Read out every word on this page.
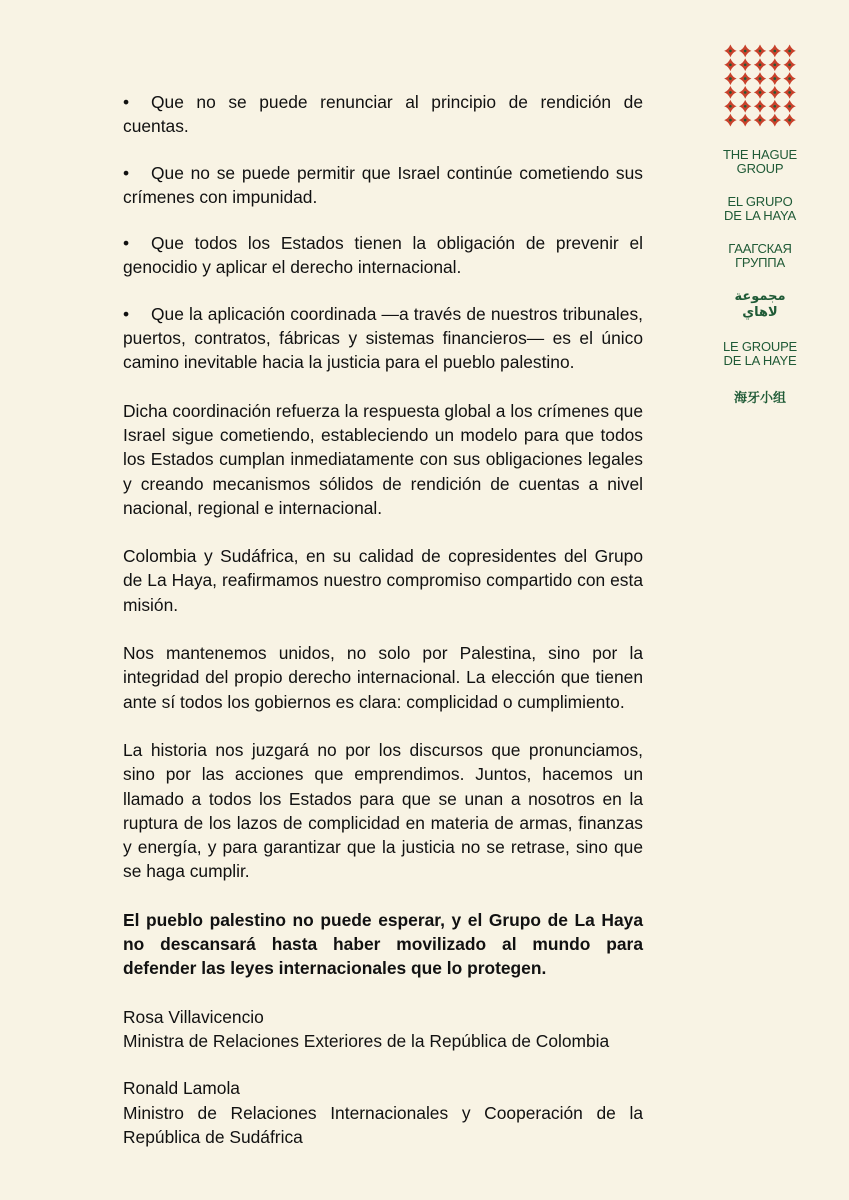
• Que no se puede renunciar al principio de rendición de cuentas.

• Que no se puede permitir que Israel continúe cometiendo sus crímenes con impunidad.

• Que todos los Estados tienen la obligación de prevenir el genocidio y aplicar el derecho internacional.

• Que la aplicación coordinada —a través de nuestros tribunales, puertos, contratos, fábricas y sistemas financieros— es el único camino inevitable hacia la justicia para el pueblo palestino.

Dicha coordinación refuerza la respuesta global a los crímenes que Israel sigue cometiendo, estableciendo un modelo para que todos los Estados cumplan inmediatamente con sus obligaciones legales y creando mecanismos sólidos de rendición de cuentas a nivel nacional, regional e internacional.

Colombia y Sudáfrica, en su calidad de copresidentes del Grupo de La Haya, reafirmamos nuestro compromiso compartido con esta misión.

Nos mantenemos unidos, no solo por Palestina, sino por la integridad del propio derecho internacional. La elección que tienen ante sí todos los gobiernos es clara: complicidad o cumplimiento.

La historia nos juzgará no por los discursos que pronunciamos, sino por las acciones que emprendimos. Juntos, hacemos un llamado a todos los Estados para que se unan a nosotros en la ruptura de los lazos de complicidad en materia de armas, finanzas y energía, y para garantizar que la justicia no se retrase, sino que se haga cumplir.

El pueblo palestino no puede esperar, y el Grupo de La Haya no descansará hasta haber movilizado al mundo para defender las leyes internacionales que lo protegen.

Rosa Villavicencio
Ministra de Relaciones Exteriores de la República de Colombia
Ronald Lamola
Ministro de Relaciones Internacionales y Cooperación de la República de Sudáfrica
THE HAGUE
GROUP
EL GRUPO
DE LA HAYA
ГААГСКАЯ
ГРУППА
مجموعة
لاهاي
LE GROUPE
DE LA HAYE
海牙小组
